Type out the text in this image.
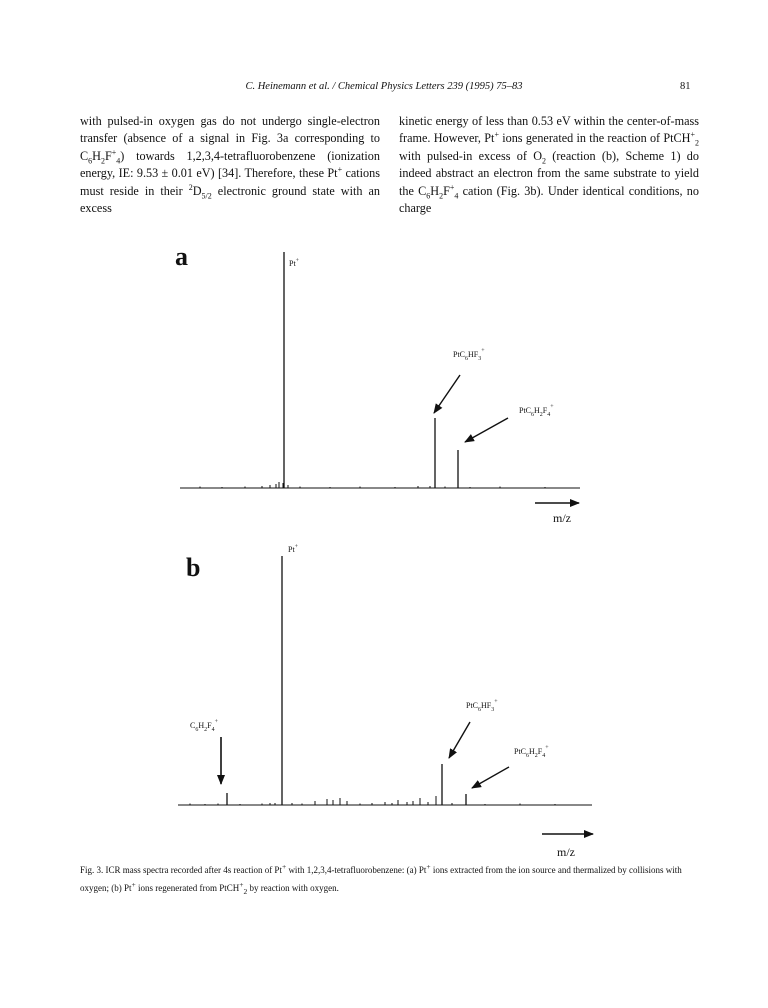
C. Heinemann et al. / Chemical Physics Letters 239 (1995) 75–83	81

with pulsed-in oxygen gas do not undergo single-electron transfer (absence of a signal in Fig. 3a corresponding to $C_6H_2F^+_4$) towards 1,2,3,4-tetrafluorobenzene (ionization energy, IE: 9.53 ± 0.01 eV) [34]. Therefore, these Pt+ cations must reside in their $^2D_{5/2}$ electronic ground state with an excess

kinetic energy of less than 0.53 eV within the center-of-mass frame. However, Pt+ ions generated in the reaction of PtCH+$_2$ with pulsed-in excess of $O_2$ (reaction (b), Scheme 1) do indeed abstract an electron from the same substrate to yield the $C_6H_2F^+_4$ cation (Fig. 3b). Under identical conditions, no charge

a
b
Pt+
$PtC_6HF_3^+$
$PtC_6H_2F_4^+$
m/z
Pt+
$C_6H_2F_4^+$
$PtC_6HF_3^+$
$PtC_6H_2F_4^+$
m/z
Fig. 3. ICR mass spectra recorded after 4s reaction of Pt+ with 1,2,3,4-tetrafluorobenzene: (a) Pt+ ions extracted from the ion source and thermalized by collisions with oxygen; (b) Pt+ ions regenerated from PtCH+$_2$ by reaction with oxygen.
